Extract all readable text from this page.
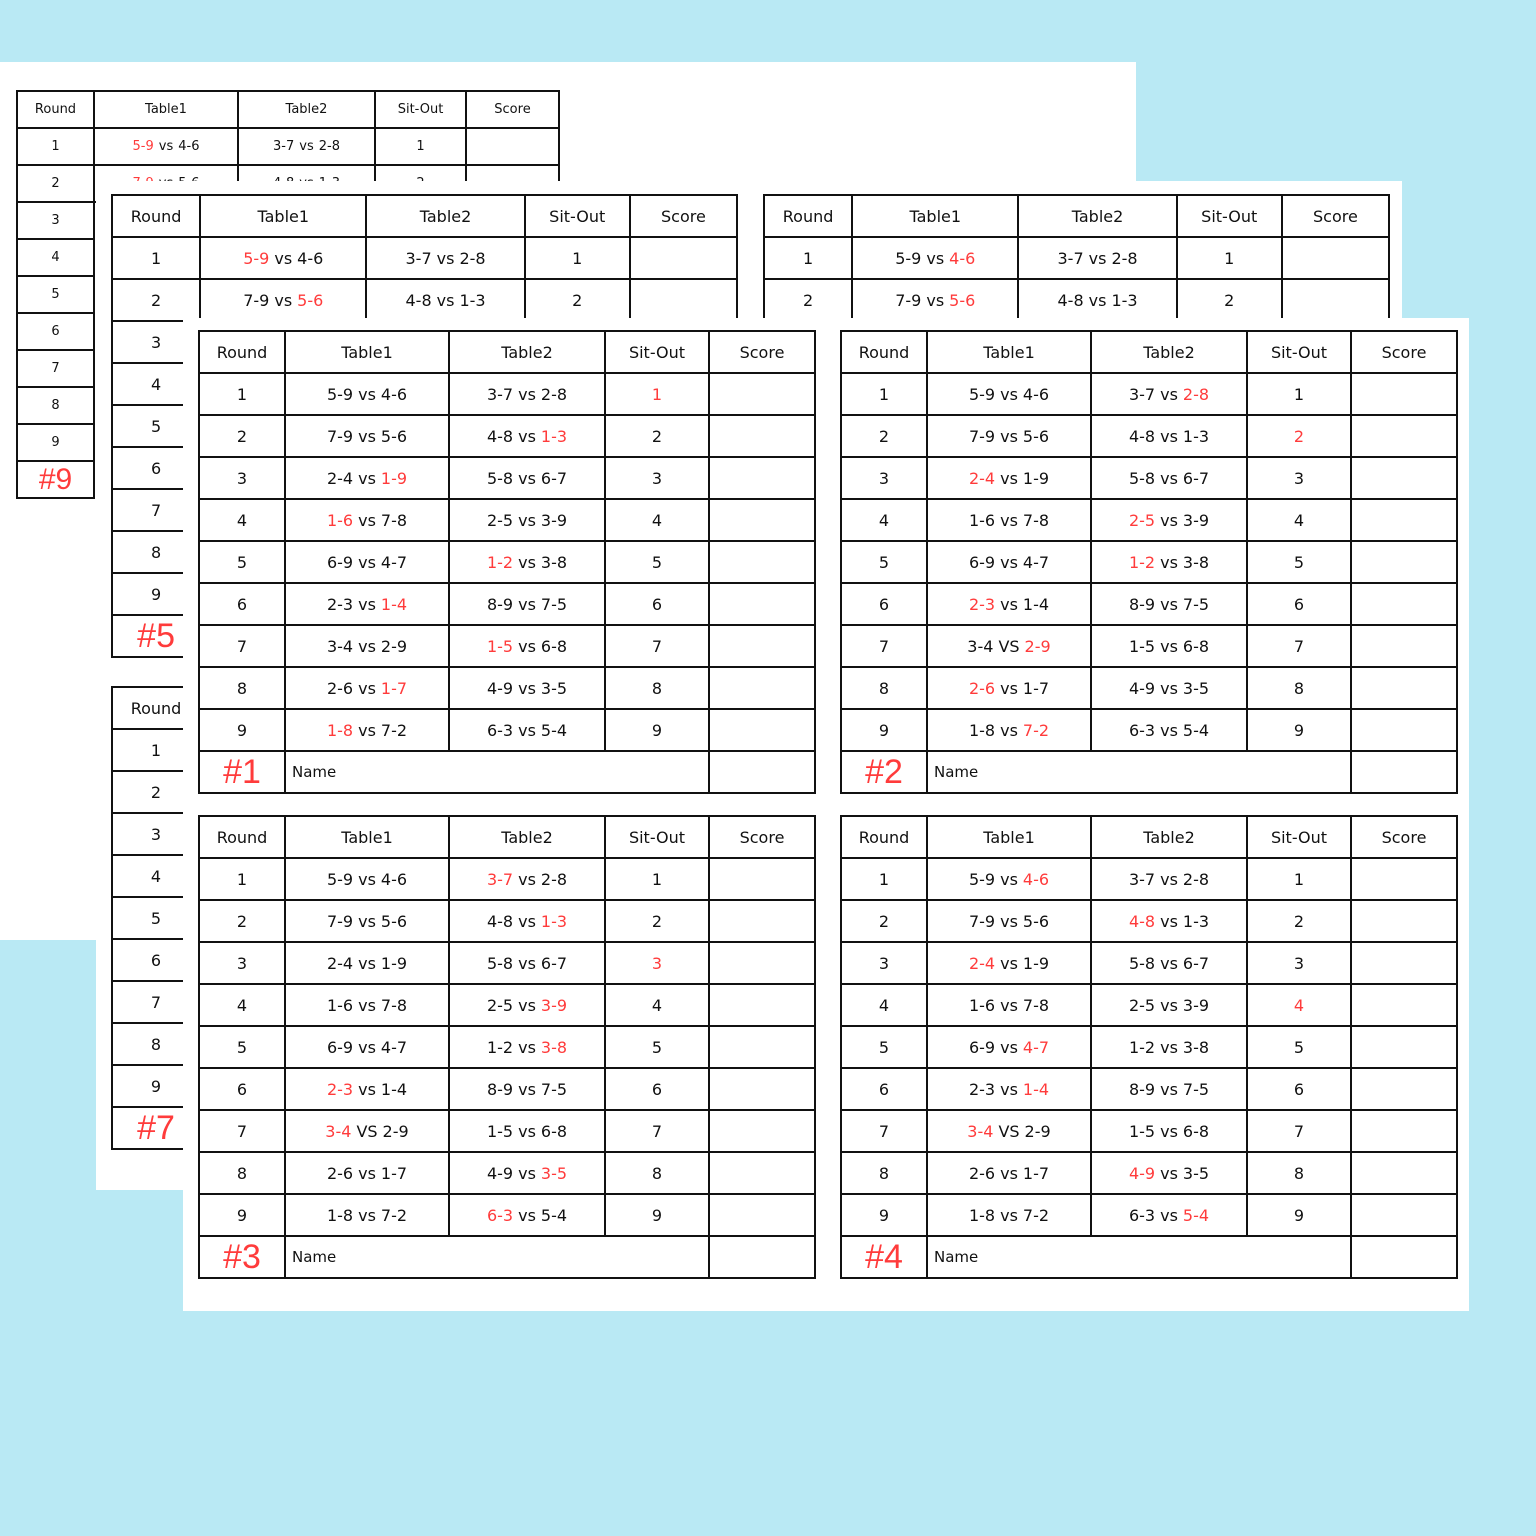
Round	Table1	Table2	Sit-Out	Score
1	5-9 vs 4-6	3-7 vs 2-8	1	
2				
3				
4				
5				
6				
7				
8				
9				
#9				
Round	Table1	Table2	Sit-Out	Score
1	5-9 vs 4-6	3-7 vs 2-8	1	
2	7-9 vs 5-6	4-8 vs 1-3	2	
3				
4				
5				
6				
7				
8				
9				
#5				
Round	Table1	Table2	Sit-Out	Score
1	5-9 vs 4-6	3-7 vs 2-8	1	
2	7-9 vs 5-6	4-8 vs 1-3	2	
Round
1
2
3
4
5
6
7
8
9
#7
Round	Table1	Table2	Sit-Out	Score
1	5-9 vs 4-6	3-7 vs 2-8	1	
2	7-9 vs 5-6	4-8 vs 1-3	2	
3	2-4 vs 1-9	5-8 vs 6-7	3	
4	1-6 vs 7-8	2-5 vs 3-9	4	
5	6-9 vs 4-7	1-2 vs 3-8	5	
6	2-3 vs 1-4	8-9 vs 7-5	6	
7	3-4 vs 2-9	1-5 vs 6-8	7	
8	2-6 vs 1-7	4-9 vs 3-5	8	
9	1-8 vs 7-2	6-3 vs 5-4	9	
#1	Name			
Round	Table1	Table2	Sit-Out	Score
1	5-9 vs 4-6	3-7 vs 2-8	1	
2	7-9 vs 5-6	4-8 vs 1-3	2	
3	2-4 vs 1-9	5-8 vs 6-7	3	
4	1-6 vs 7-8	2-5 vs 3-9	4	
5	6-9 vs 4-7	1-2 vs 3-8	5	
6	2-3 vs 1-4	8-9 vs 7-5	6	
7	3-4 VS 2-9	1-5 vs 6-8	7	
8	2-6 vs 1-7	4-9 vs 3-5	8	
9	1-8 vs 7-2	6-3 vs 5-4	9	
#2	Name			
Round	Table1	Table2	Sit-Out	Score
1	5-9 vs 4-6	3-7 vs 2-8	1	
2	7-9 vs 5-6	4-8 vs 1-3	2	
3	2-4 vs 1-9	5-8 vs 6-7	3	
4	1-6 vs 7-8	2-5 vs 3-9	4	
5	6-9 vs 4-7	1-2 vs 3-8	5	
6	2-3 vs 1-4	8-9 vs 7-5	6	
7	3-4 VS 2-9	1-5 vs 6-8	7	
8	2-6 vs 1-7	4-9 vs 3-5	8	
9	1-8 vs 7-2	6-3 vs 5-4	9	
#3	Name			
Round	Table1	Table2	Sit-Out	Score
1	5-9 vs 4-6	3-7 vs 2-8	1	
2	7-9 vs 5-6	4-8 vs 1-3	2	
3	2-4 vs 1-9	5-8 vs 6-7	3	
4	1-6 vs 7-8	2-5 vs 3-9	4	
5	6-9 vs 4-7	1-2 vs 3-8	5	
6	2-3 vs 1-4	8-9 vs 7-5	6	
7	3-4 VS 2-9	1-5 vs 6-8	7	
8	2-6 vs 1-7	4-9 vs 3-5	8	
9	1-8 vs 7-2	6-3 vs 5-4	9	
#4	Name			
